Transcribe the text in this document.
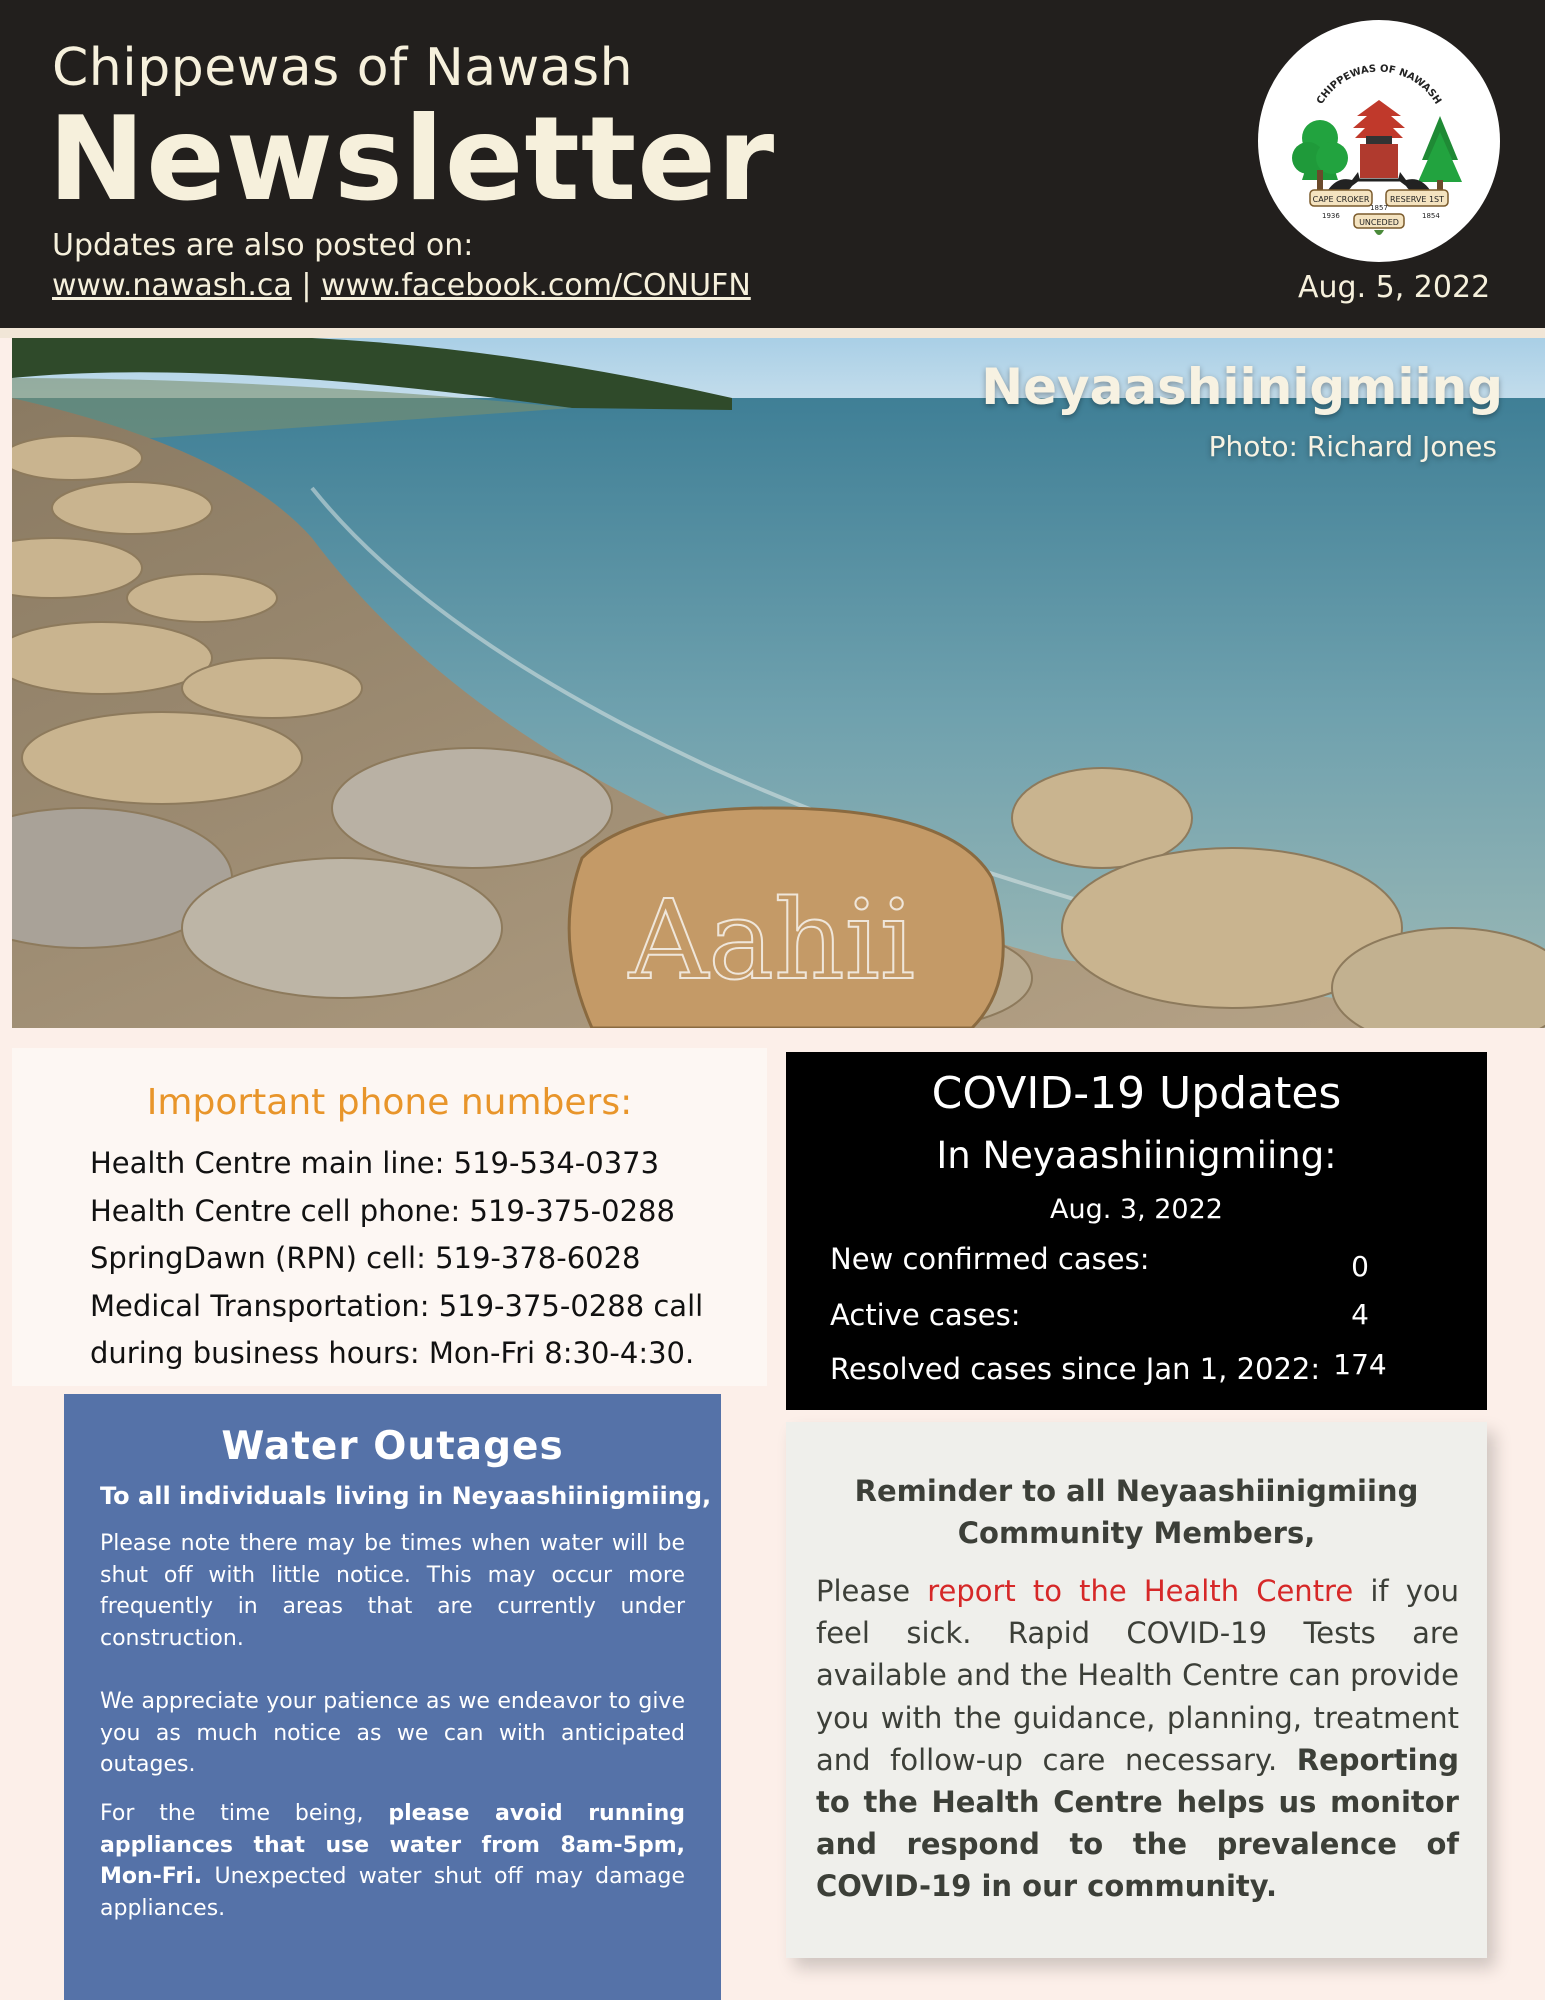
Chippewas of Nawash
Newsletter
Updates are also posted on:
www.nawash.ca | www.facebook.com/CONUFN
CHIPPEWAS OF NAWASH
CAPE CROKER	RESERVE 1ST
1936
1857
1854
UNCEDED
Aug. 5, 2022
Aahii
Neyaashiinigmiing
Photo: Richard Jones
Important phone numbers:
Health Centre main line: 519-534-0373
Health Centre cell phone: 519-375-0288
SpringDawn (RPN) cell: 519-378-6028
Medical Transportation: 519-375-0288 call
during business hours: Mon-Fri 8:30-4:30.
COVID-19 Updates
In Neyaashiinigmiing:
Aug. 3, 2022
New confirmed cases:	0
Active cases:	4
Resolved cases since Jan 1, 2022: 174
Water Outages
To all individuals living in Neyaashiinigmiing,

Please note there may be times when water will be shut off with little notice. This may occur more frequently in areas that are currently under construction.

We appreciate your patience as we endeavor to give you as much notice as we can with anticipated outages.

For the time being, please avoid running appliances that use water from 8am-5pm, Mon-Fri. Unexpected water shut off may damage appliances.

Reminder to all Neyaashiinigmiing
Community Members,

Please report to the Health Centre if you feel sick. Rapid COVID-19 Tests are available and the Health Centre can provide you with the guidance, planning, treatment and follow-up care necessary. Reporting to the Health Centre helps us monitor and respond to the prevalence of COVID-19 in our community.
